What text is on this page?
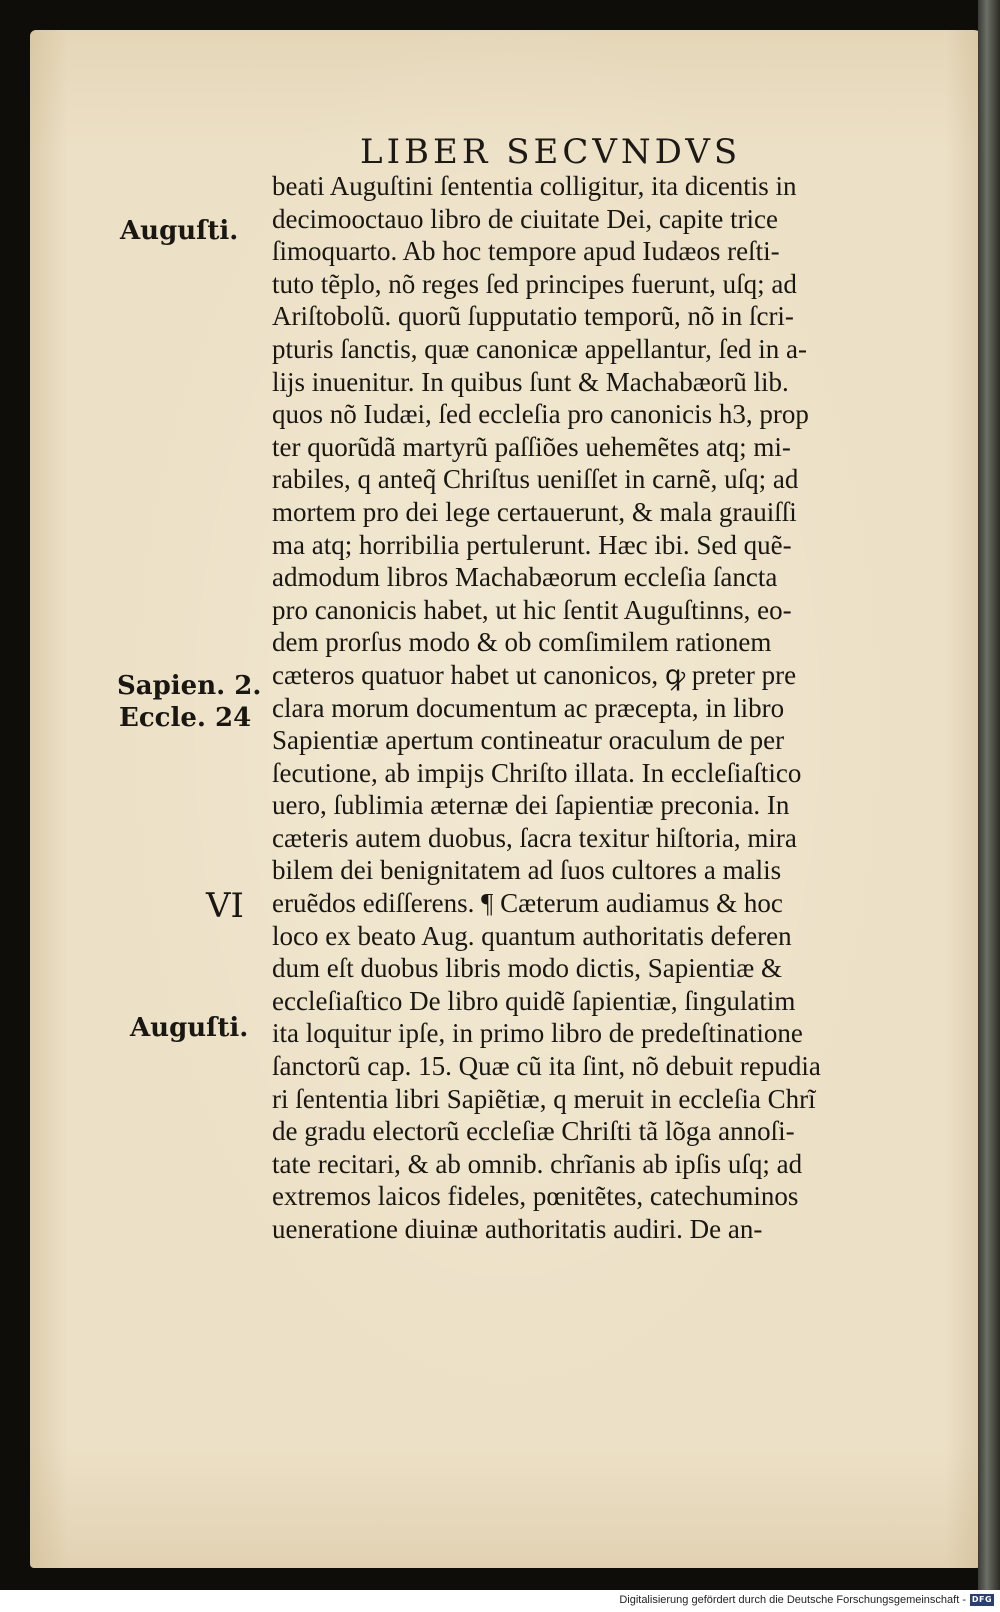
LIBER SECVNDVS
Auguſti.
Sapien. 2.
Eccle. 24
VI
Auguſti.
beati Auguſtini ſententia colligitur, ita dicentis in
decimooctauo libro de ciuitate Dei, capite trice
ſimoquarto. Ab hoc tempore apud Iudæos reſti-
tuto tẽplo, nõ reges ſed principes fuerunt, uſq; ad
Ariſtobolũ. quorũ ſupputatio temporũ, nõ in ſcri-
pturis ſanctis, quæ canonicæ appellantur, ſed in a-
lijs inuenitur. In quibus ſunt & Machabæorũ lib.
quos nõ Iudæi, ſed eccleſia pro canonicis h3, prop
ter quorũdã martyrũ paſſiões uehemẽtes atq; mi-
rabiles, q anteq̃ Chriſtus ueniſſet in carnẽ, uſq; ad
mortem pro dei lege certauerunt, & mala grauiſſi
ma atq; horribilia pertulerunt. Hæc ibi. Sed quẽ-
admodum libros Machabæorum eccleſia ſancta
pro canonicis habet, ut hic ſentit Auguſtinns, eo-
dem prorſus modo & ob comſimilem rationem
cæteros quatuor habet ut canonicos, ꝙ preter pre
clara morum documentum ac præcepta, in libro
Sapientiæ apertum contineatur oraculum de per
ſecutione, ab impijs Chriſto illata. In eccleſiaſtico
uero, ſublimia æternæ dei ſapientiæ preconia. In
cæteris autem duobus, ſacra texitur hiſtoria, mira
bilem dei benignitatem ad ſuos cultores a malis
eruẽdos ediſſerens. ¶ Cæterum audiamus & hoc
loco ex beato Aug. quantum authoritatis deferen
dum eſt duobus libris modo dictis, Sapientiæ &
eccleſiaſtico De libro quidẽ ſapientiæ, ſingulatim
ita loquitur ipſe, in primo libro de predeſtinatione
ſanctorũ cap. 15. Quæ cũ ita ſint, nõ debuit repudia
ri ſententia libri Sapiẽtiæ, q meruit in eccleſia Chrĩ
de gradu electorũ eccleſiæ Chriſti tã lõga annoſi-
tate recitari, & ab omnib. chrĩanis ab ipſis uſq; ad
extremos laicos fideles, pœnitẽtes, catechuminos
ueneratione diuinæ authoritatis audiri. De an-
Digitalisierung gefördert durch die Deutsche Forschungsgemeinschaft - DFG
